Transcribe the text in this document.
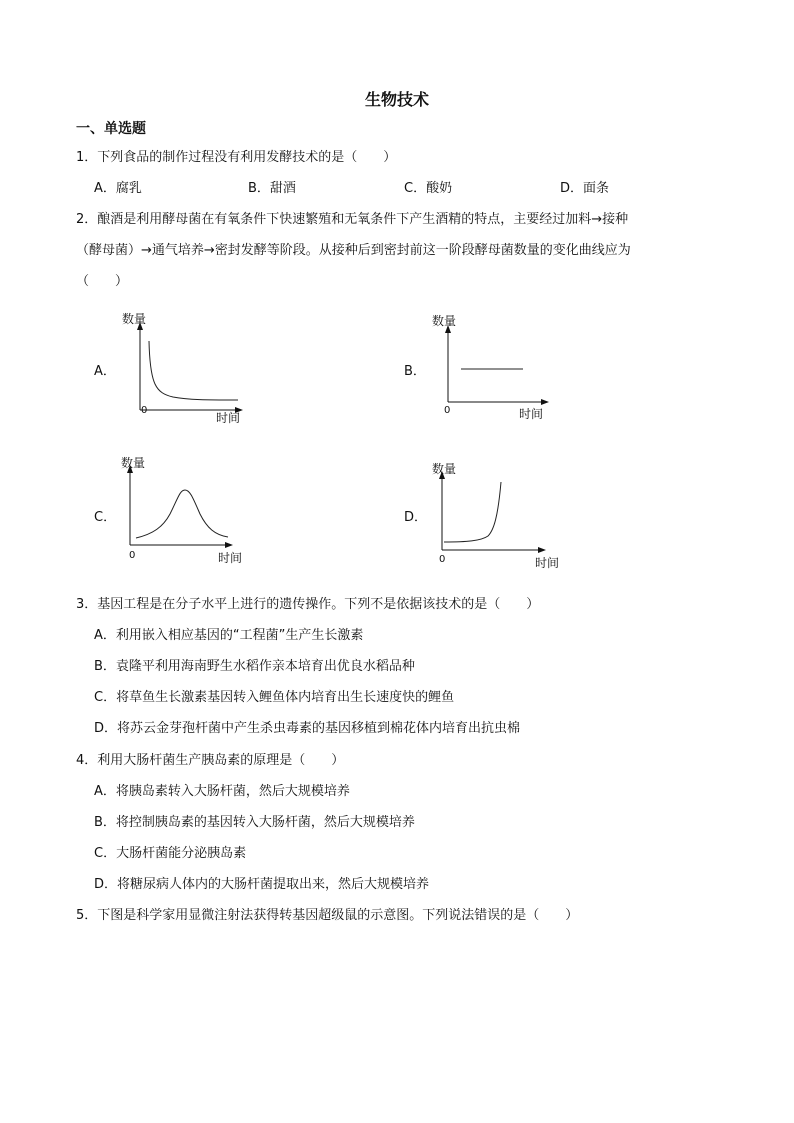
生物技术
一、单选题
1．下列食品的制作过程没有利用发酵技术的是（　　）
A．腐乳	B．甜酒	C．酸奶	D．面条
2．酿酒是利用酵母菌在有氧条件下快速繁殖和无氧条件下产生酒精的特点，主要经过加料→接种
（酵母菌）→通气培养→密封发酵等阶段。从接种后到密封前这一阶段酵母菌数量的变化曲线应为
（　　）
A．
数量
时间
0
B．
数量
时间
0
C．
数量
时间
0
D．
数量
时间
0
3．基因工程是在分子水平上进行的遗传操作。下列不是依据该技术的是（　　）
A．利用嵌入相应基因的“工程菌”生产生长激素
B．袁隆平利用海南野生水稻作亲本培育出优良水稻品种
C．将草鱼生长激素基因转入鲤鱼体内培育出生长速度快的鲤鱼
D．将苏云金芽孢杆菌中产生杀虫毒素的基因移植到棉花体内培育出抗虫棉
4．利用大肠杆菌生产胰岛素的原理是（　　）
A．将胰岛素转入大肠杆菌，然后大规模培养
B．将控制胰岛素的基因转入大肠杆菌，然后大规模培养
C．大肠杆菌能分泌胰岛素
D．将糖尿病人体内的大肠杆菌提取出来，然后大规模培养
5．下图是科学家用显微注射法获得转基因超级鼠的示意图。下列说法错误的是（　　）
